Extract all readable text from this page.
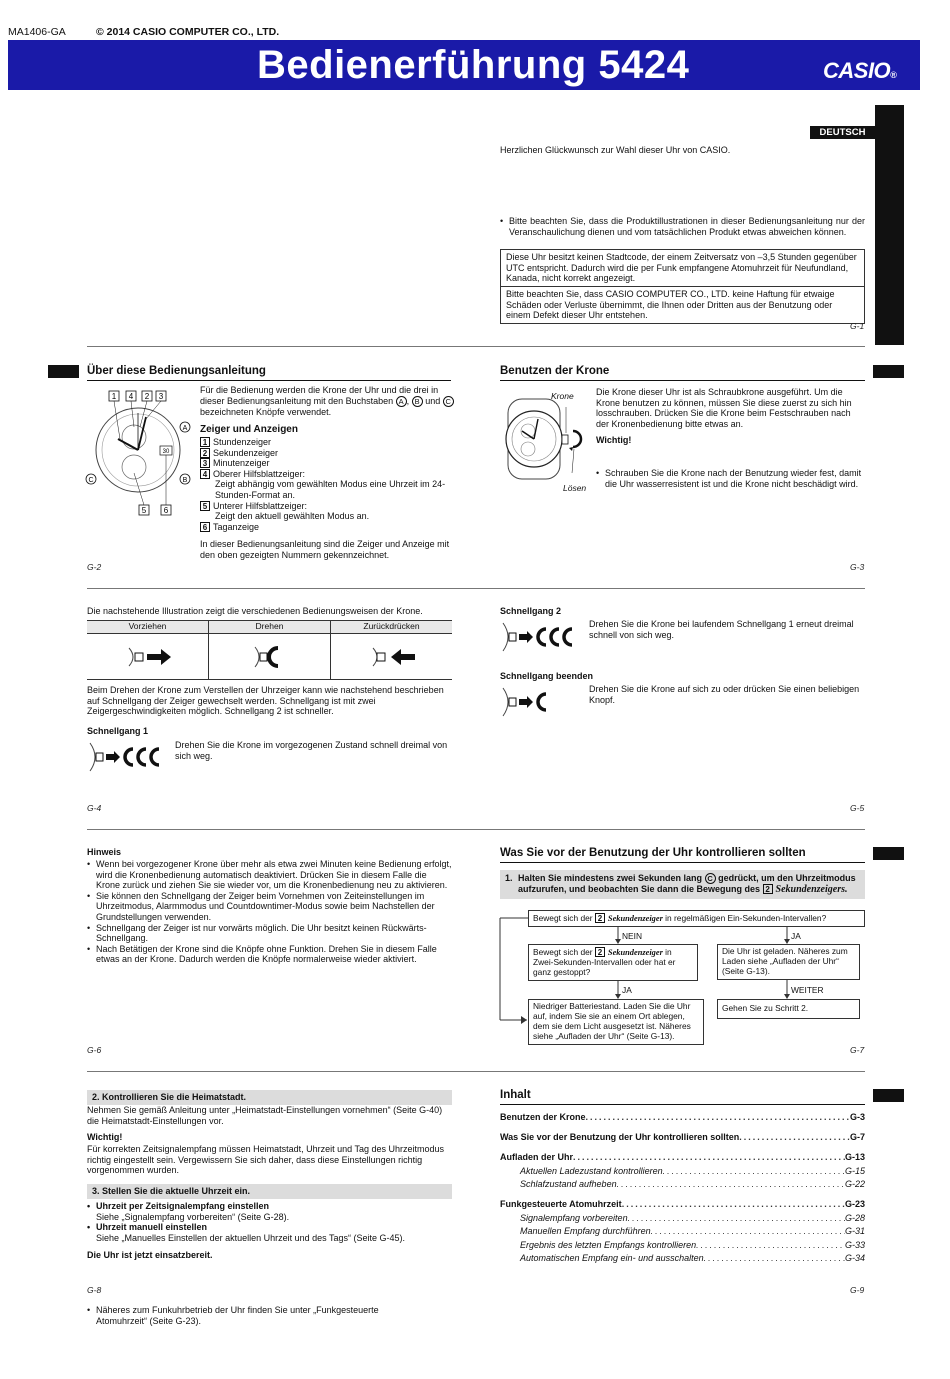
MA1406-GA	© 2014 CASIO COMPUTER CO., LTD.
Bedienerführung 5424	CASIO®
DEUTSCH
Herzlichen Glückwunsch zur Wahl dieser Uhr von CASIO.
• Bitte beachten Sie, dass die Produktillustrationen in dieser Bedienungsanleitung nur der Veranschaulichung dienen und vom tatsächlichen Produkt etwas abweichen können.
Diese Uhr besitzt keinen Stadtcode, der einem Zeitversatz von –3,5 Stunden gegenüber UTC entspricht. Dadurch wird die per Funk empfangene Atomuhrzeit für Neufundland, Kanada, nicht korrekt angezeigt.
Bitte beachten Sie, dass CASIO COMPUTER CO., LTD. keine Haftung für etwaige Schäden oder Verluste übernimmt, die Ihnen oder Dritten aus der Benutzung oder einem Defekt dieser Uhr entstehen.
G-1
Über diese Bedienungsanleitung
1 4 2 3
30
5 6
A
B
C
Für die Bedienung werden die Krone der Uhr und die drei in dieser Bedienungsanleitung mit den Buchstaben A , B und C bezeichneten Knöpfe verwendet.
Zeiger und Anzeigen
1 Stundenzeiger
2 Sekundenzeiger
3 Minutenzeiger
4 Oberer Hilfsblattzeiger:
Zeigt abhängig vom gewählten Modus eine Uhrzeit im 24-Stunden-Format an.
5 Unterer Hilfsblattzeiger:
Zeigt den aktuell gewählten Modus an.
6 Taganzeige
In dieser Bedienungsanleitung sind die Zeiger und Anzeige mit den oben gezeigten Nummern gekennzeichnet.
G-2
Benutzen der Krone
Krone
Lösen
Die Krone dieser Uhr ist als Schraubkrone ausgeführt. Um die Krone benutzen zu können, müssen Sie diese zuerst zu sich hin losschrauben. Drücken Sie die Krone beim Festschrauben nach der Kronenbedienung bitte etwas an.
Wichtig!
• Schrauben Sie die Krone nach der Benutzung wieder fest, damit die Uhr wasserresistent ist und die Krone nicht beschädigt wird.
G-3
Die nachstehende Illustration zeigt die verschiedenen Bedienungsweisen der Krone.
Vorziehen	Drehen	Zurückdrücken
Beim Drehen der Krone zum Verstellen der Uhrzeiger kann wie nachstehend beschrieben auf Schnellgang der Zeiger gewechselt werden. Schnellgang ist mit zwei Zeigergeschwindigkeiten möglich. Schnellgang 2 ist schneller.
Schnellgang 1
Drehen Sie die Krone im vorgezogenen Zustand schnell dreimal von sich weg.
G-4
Schnellgang 2
Drehen Sie die Krone bei laufendem Schnellgang 1 erneut dreimal schnell von sich weg.
Schnellgang beenden
Drehen Sie die Krone auf sich zu oder drücken Sie einen beliebigen Knopf.
G-5
Hinweis
• Wenn bei vorgezogener Krone über mehr als etwa zwei Minuten keine Bedienung erfolgt, wird die Kronenbedienung automatisch deaktiviert. Drücken Sie in diesem Falle die Krone zurück und ziehen Sie sie wieder vor, um die Kronenbedienung neu zu aktivieren.
• Sie können den Schnellgang der Zeiger beim Vornehmen von Zeiteinstellungen im Uhrzeitmodus, Alarmmodus und Countdowntimer-Modus sowie beim Nachstellen der Grundstellungen verwenden.
• Schnellgang der Zeiger ist nur vorwärts möglich. Die Uhr besitzt keinen Rückwärts-Schnellgang.
• Nach Betätigen der Krone sind die Knöpfe ohne Funktion. Drehen Sie in diesem Falle etwas an der Krone. Dadurch werden die Knöpfe normalerweise wieder aktiviert.
G-6
Was Sie vor der Benutzung der Uhr kontrollieren sollten
1. Halten Sie mindestens zwei Sekunden lang C gedrückt, um den Uhrzeitmodus aufzurufen, und beobachten Sie dann die Bewegung des 2 Sekundenzeigers.
Bewegt sich der 2 Sekundenzeiger in regelmäßigen Ein-Sekunden-Intervallen?
NEIN	JA
Bewegt sich der 2 Sekundenzeiger in Zwei-Sekunden-Intervallen oder hat er ganz gestoppt?
Die Uhr ist geladen. Näheres zum Laden siehe „Aufladen der Uhr“ (Seite G-13).
JA	WEITER
Niedriger Batteriestand. Laden Sie die Uhr auf, indem Sie sie an einem Ort ablegen, dem sie dem Licht ausgesetzt ist. Näheres siehe „Aufladen der Uhr“ (Seite G-13).
Gehen Sie zu Schritt 2.
G-7
2. Kontrollieren Sie die Heimatstadt.
Nehmen Sie gemäß Anleitung unter „Heimatstadt-Einstellungen vornehmen“ (Seite G-40) die Heimatstadt-Einstellungen vor.
Wichtig!
Für korrekten Zeitsignalempfang müssen Heimatstadt, Uhrzeit und Tag des Uhrzeitmodus richtig eingestellt sein. Vergewissern Sie sich daher, dass diese Einstellungen richtig vorgenommen wurden.
3. Stellen Sie die aktuelle Uhrzeit ein.
• Uhrzeit per Zeitsignalempfang einstellen
Siehe „Signalempfang vorbereiten“ (Seite G-28).
• Uhrzeit manuell einstellen
Siehe „Manuelles Einstellen der aktuellen Uhrzeit und des Tags“ (Seite G-45).
Die Uhr ist jetzt einsatzbereit.
• Näheres zum Funkuhrbetrieb der Uhr finden Sie unter „Funkgesteuerte Atomuhrzeit“ (Seite G-23).
G-8
Inhalt
Benutzen der Krone .....	G-3
Was Sie vor der Benutzung der Uhr kontrollieren sollten .....	G-7
Aufladen der Uhr .....	G-13
Aktuellen Ladezustand kontrollieren .....	G-15
Schlafzustand aufheben .....	G-22
Funkgesteuerte Atomuhrzeit .....	G-23
Signalempfang vorbereiten .....	G-28
Manuellen Empfang durchführen .....	G-31
Ergebnis des letzten Empfangs kontrollieren .....	G-33
Automatischen Empfang ein- und ausschalten .....	G-34
G-9
